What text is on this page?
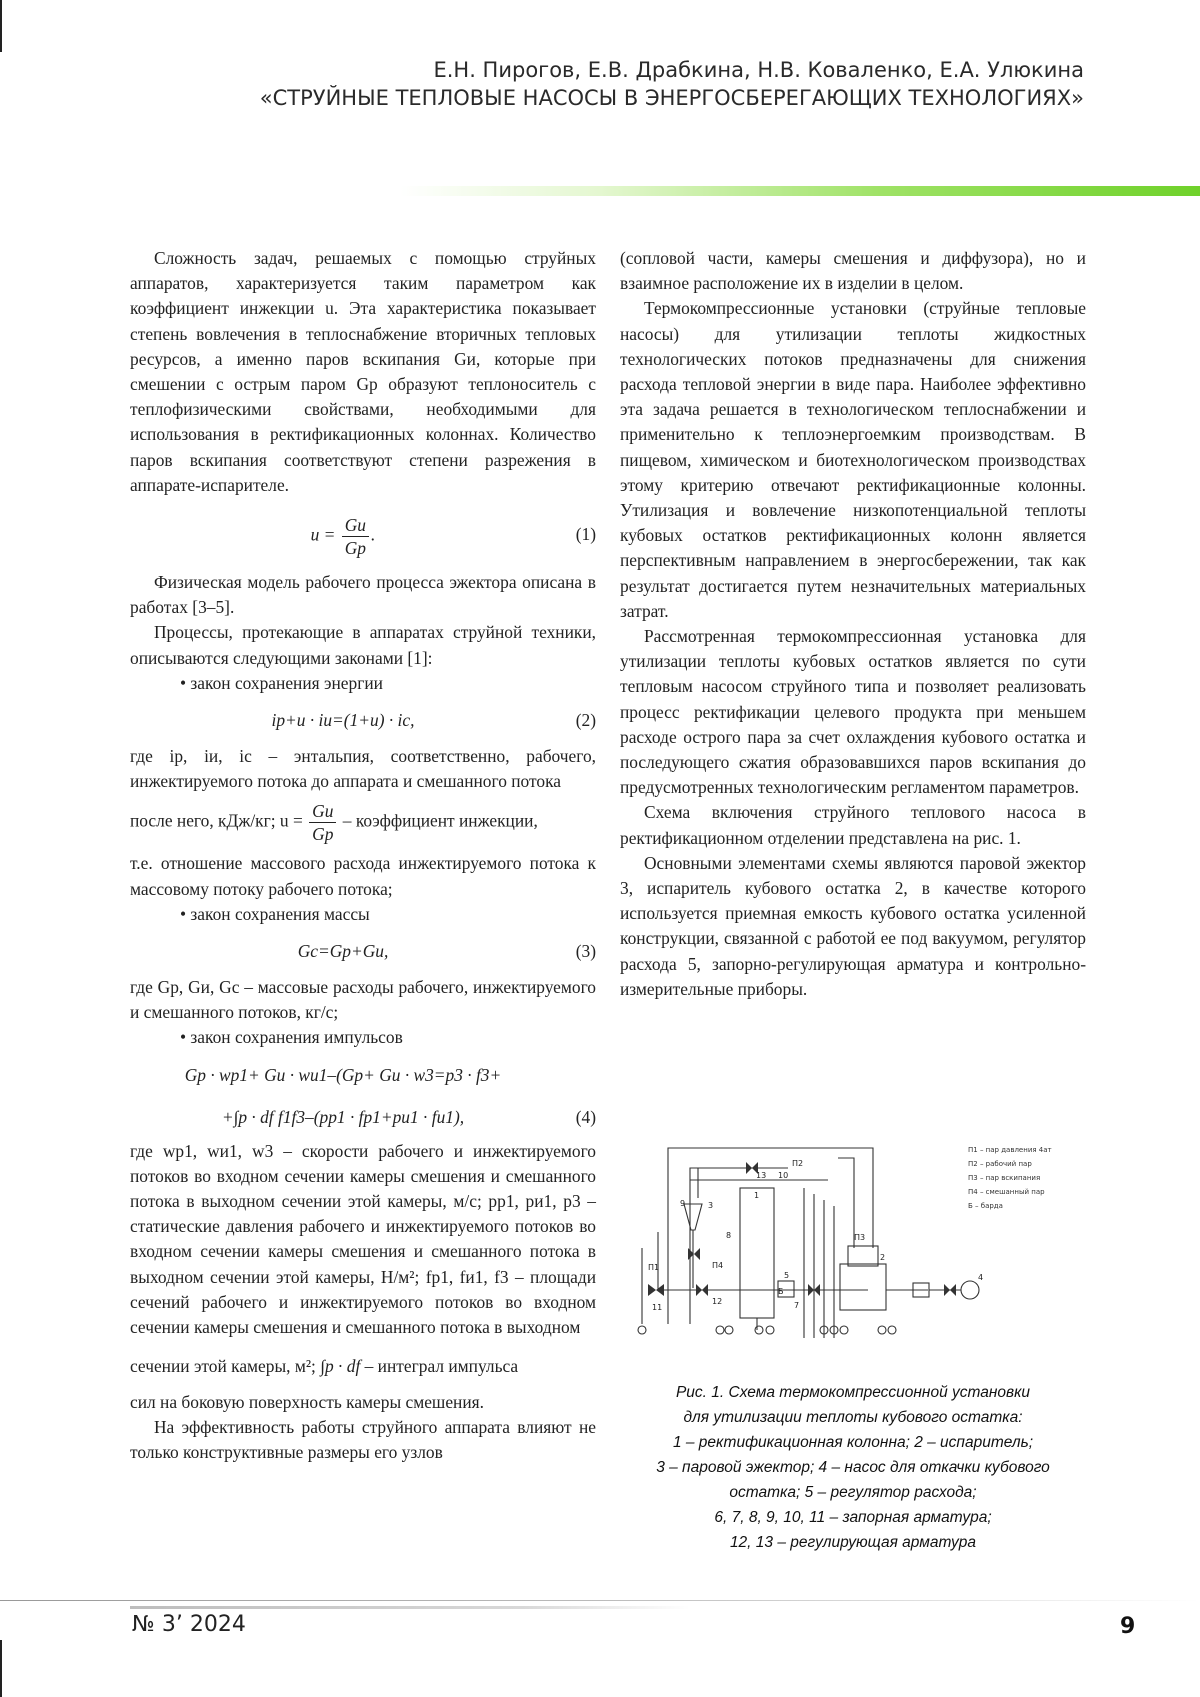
Е.Н. Пирогов, Е.В. Драбкина, Н.В. Коваленко, Е.А. Улюкина
«СТРУЙНЫЕ ТЕПЛОВЫЕ НАСОСЫ В ЭНЕРГОСБЕРЕГАЮЩИХ ТЕХНОЛОГИЯХ»

Сложность задач, решаемых с помощью струйных аппаратов, характеризуется таким параметром как коэффициент инжекции u. Эта характеристика показывает степень вовлечения в теплоснабжение вторичных тепловых ресурсов, а именно паров вскипания Gи, которые при смешении с острым паром Gр образуют теплоноситель с теплофизическими свойствами, необходимыми для использования в ректификационных колоннах. Количество паров вскипания соответствуют степени разрежения в аппарате-испарителе.

$u = \frac{Gи}{Gр}$ .	(1)

Физическая модель рабочего процесса эжектора описана в работах [3–5].

Процессы, протекающие в аппаратах струйной техники, описываются следующими законами [1]:

• закон сохранения энергии

iр+u · iи=(1+u) · iс,	(2)

где iр, iи, iс – энтальпия, соответственно, рабочего, инжектируемого потока до аппарата и смешанного потока

после него, кДж/кг; $u = \frac{Gи}{Gр}$ – коэффициент инжекции,

т.е. отношение массового расхода инжектируемого потока к массовому потоку рабочего потока;

• закон сохранения массы

Gс=Gр+Gи,	(3)

где Gр, Gи, Gс – массовые расходы рабочего, инжектируемого и смешанного потоков, кг/с;

• закон сохранения импульсов

Gр · wр1+ Gи · wи1–(Gр+ Gи · w3=p3 · f3+
+∫p · df f1f3–(pр1 · fр1+pи1 · fи1),	(4)

где wр1, wи1, w3 – скорости рабочего и инжектируемого потоков во входном сечении камеры смешения и смешанного потока в выходном сечении этой камеры, м/с; pр1, pи1, p3 – статические давления рабочего и инжектируемого потоков во входном сечении камеры смешения и смешанного потока в выходном сечении этой камеры, Н/м²; fр1, fи1, f3 – площади сечений рабочего и инжектируемого потоков во входном сечении камеры смешения и смешанного потока в выходном

сечении этой камеры, м²; ∫p · df – интеграл импульса

сил на боковую поверхность камеры смешения.

На эффективность работы струйного аппарата влияют не только конструктивные размеры его узлов

(сопловой части, камеры смешения и диффузора), но и взаимное расположение их в изделии в целом.

Термокомпрессионные установки (струйные тепловые насосы) для утилизации теплоты жидкостных технологических потоков предназначены для снижения расхода тепловой энергии в виде пара. Наиболее эффективно эта задача решается в технологическом теплоснабжении и применительно к теплоэнергоемким производствам. В пищевом, химическом и биотехнологическом производствах этому критерию отвечают ректификационные колонны. Утилизация и вовлечение низкопотенциальной теплоты кубовых остатков ректификационных колонн является перспективным направлением в энергосбережении, так как результат достигается путем незначительных материальных затрат.

Рассмотренная термокомпрессионная установка для утилизации теплоты кубовых остатков является по сути тепловым насосом струйного типа и позволяет реализовать процесс ректификации целевого продукта при меньшем расходе острого пара за счет охлаждения кубового остатка и последующего сжатия образовавшихся паров вскипания до предусмотренных технологическим регламентом параметров.

Схема включения струйного теплового насоса в ректификационном отделении представлена на рис. 1.

Основными элементами схемы являются паровой эжектор 3, испаритель кубового остатка 2, в качестве которого используется приемная емкость кубового остатка усиленной конструкции, связанной с работой ее под вакуумом, регулятор расхода 5, запорно-регулирующая арматура и контрольно-измерительные приборы.

1
2
3
4
5
7
8
9
10
11
12
13
П2
П3
П1	П4
Б
П1 – пар давления 4ат
П2 – рабочий пар
П3 – пар вскипания
П4 – смешанный пар
Б – барда
Рис. 1. Схема термокомпрессионной установки
для утилизации теплоты кубового остатка:
1 – ректификационная колонна; 2 – испаритель;
3 – паровой эжектор; 4 – насос для откачки кубового
остатка; 5 – регулятор расхода;
6, 7, 8, 9, 10, 11 – запорная арматура;
12, 13 – регулирующая арматура
№ 3’ 2024	9
